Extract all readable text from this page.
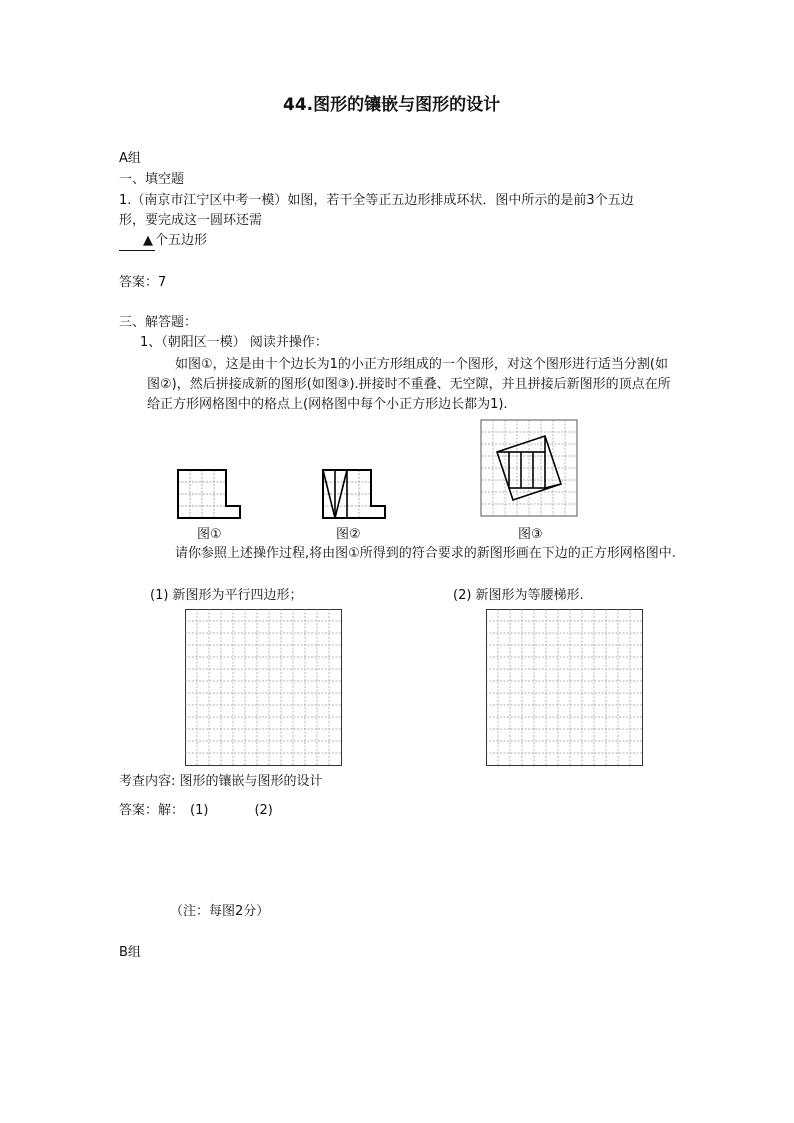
44.图形的镶嵌与图形的设计
A组
一、填空题
1.（南京市江宁区中考一模）如图，若干全等正五边形排成环状．图中所示的是前3个五边
形，要完成这一圆环还需
▲ 个五边形
答案：7
三、解答题：
1、（朝阳区一模） 阅读并操作：
如图①，这是由十个边长为1的小正方形组成的一个图形，对这个图形进行适当分割(如图②)，然后拼接成新的图形(如图③).拼接时不重叠、无空隙，并且拼接后新图形的顶点在所给正方形网格图中的格点上(网格图中每个小正方形边长都为1).
图①	图②	图③
请你参照上述操作过程,将由图①所得到的符合要求的新图形画在下边的正方形网格图中.
(1) 新图形为平行四边形；	(2) 新图形为等腰梯形.
考查内容: 图形的镶嵌与图形的设计
答案：解： (1)	(2)
（注：每图2分）
B组
